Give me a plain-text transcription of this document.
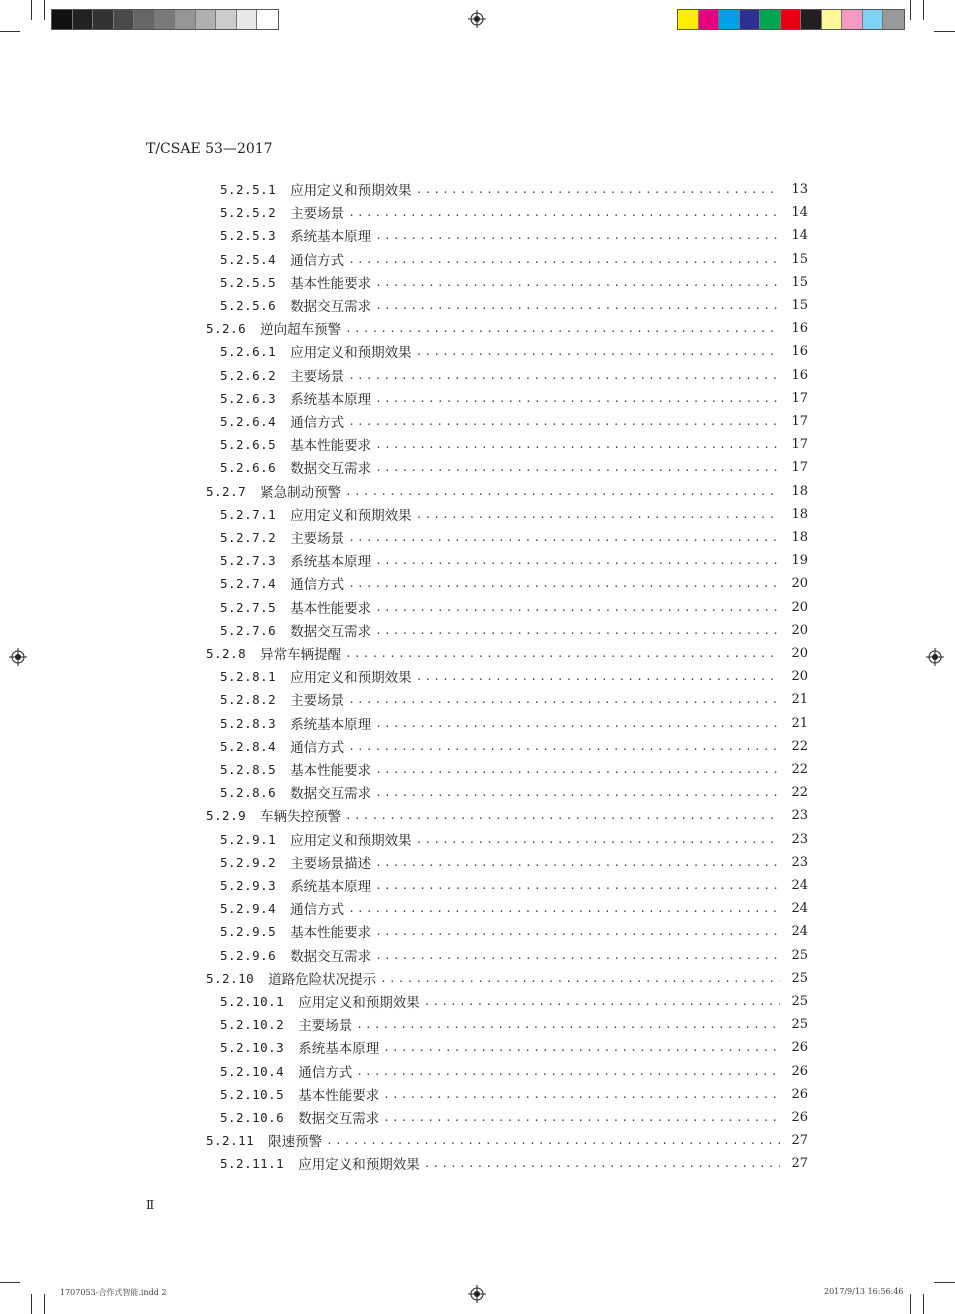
T/CSAE 53—2017
5.2.5.1 应用定义和预期效果 .....	13
5.2.5.2 主要场景 .....	14
5.2.5.3 系统基本原理 .....	14
5.2.5.4 通信方式 .....	15
5.2.5.5 基本性能要求 .....	15
5.2.5.6 数据交互需求 .....	15
5.2.6 逆向超车预警 .....	16
5.2.6.1 应用定义和预期效果 .....	16
5.2.6.2 主要场景 .....	16
5.2.6.3 系统基本原理 .....	17
5.2.6.4 通信方式 .....	17
5.2.6.5 基本性能要求 .....	17
5.2.6.6 数据交互需求 .....	17
5.2.7 紧急制动预警 .....	18
5.2.7.1 应用定义和预期效果 .....	18
5.2.7.2 主要场景 .....	18
5.2.7.3 系统基本原理 .....	19
5.2.7.4 通信方式 .....	20
5.2.7.5 基本性能要求 .....	20
5.2.7.6 数据交互需求 .....	20
5.2.8 异常车辆提醒 .....	20
5.2.8.1 应用定义和预期效果 .....	20
5.2.8.2 主要场景 .....	21
5.2.8.3 系统基本原理 .....	21
5.2.8.4 通信方式 .....	22
5.2.8.5 基本性能要求 .....	22
5.2.8.6 数据交互需求 .....	22
5.2.9 车辆失控预警 .....	23
5.2.9.1 应用定义和预期效果 .....	23
5.2.9.2 主要场景描述 .....	23
5.2.9.3 系统基本原理 .....	24
5.2.9.4 通信方式 .....	24
5.2.9.5 基本性能要求 .....	24
5.2.9.6 数据交互需求 .....	25
5.2.10 道路危险状况提示 .....	25
5.2.10.1 应用定义和预期效果 .....	25
5.2.10.2 主要场景 .....	25
5.2.10.3 系统基本原理 .....	26
5.2.10.4 通信方式 .....	26
5.2.10.5 基本性能要求 .....	26
5.2.10.6 数据交互需求 .....	26
5.2.11 限速预警 .....	27
5.2.11.1 应用定义和预期效果 .....	27
Ⅱ
1707053-合作式智能.indd 2	2017/9/13 16:56:46
